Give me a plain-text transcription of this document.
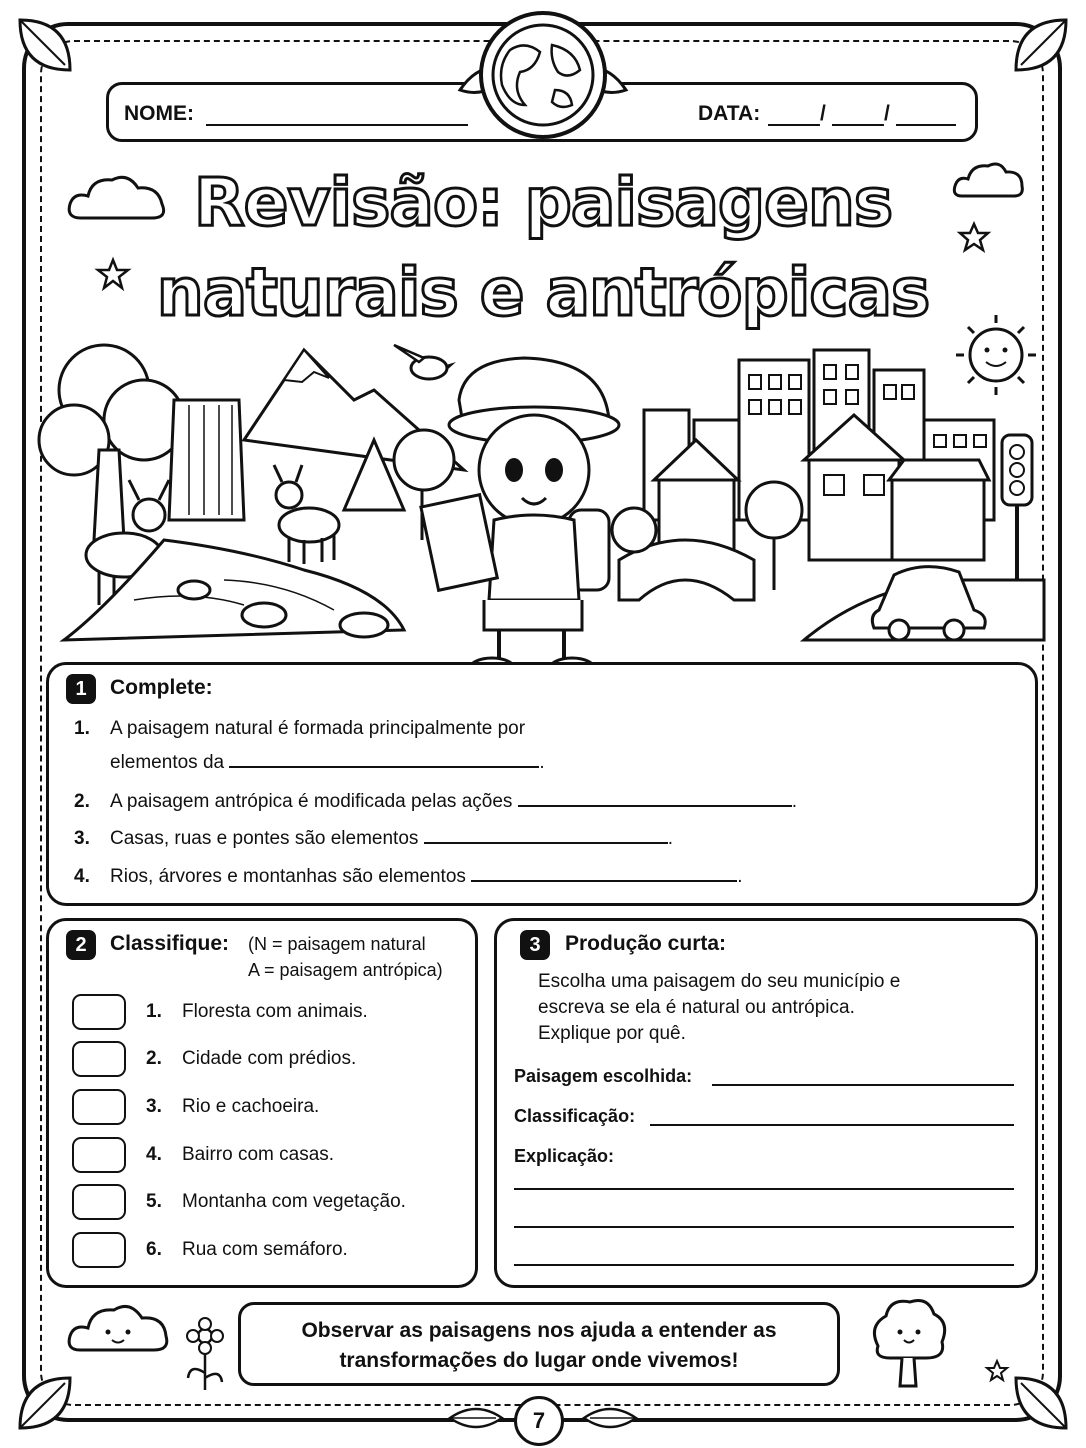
NOME:	DATA:	/	/
Revisão: paisagens
naturais e antrópicas
1	Complete:
1. A paisagem natural é formada principalmente por
elementos da	.
2. A paisagem antrópica é modificada pelas ações	.
3. Casas, ruas e pontes são elementos	.
4. Rios, árvores e montanhas são elementos	.
2	Classifique: (N = paisagem natural
A = paisagem antrópica)
1. Floresta com animais.
2. Cidade com prédios.
3. Rio e cachoeira.
4. Bairro com casas.
5. Montanha com vegetação.
6. Rua com semáforo.
3	Produção curta:
Escolha uma paisagem do seu município e
escreva se ela é natural ou antrópica.
Explique por quê.
Paisagem escolhida:
Classificação:
Explicação:
Observar as paisagens nos ajuda a entender as
transformações do lugar onde vivemos!
7
